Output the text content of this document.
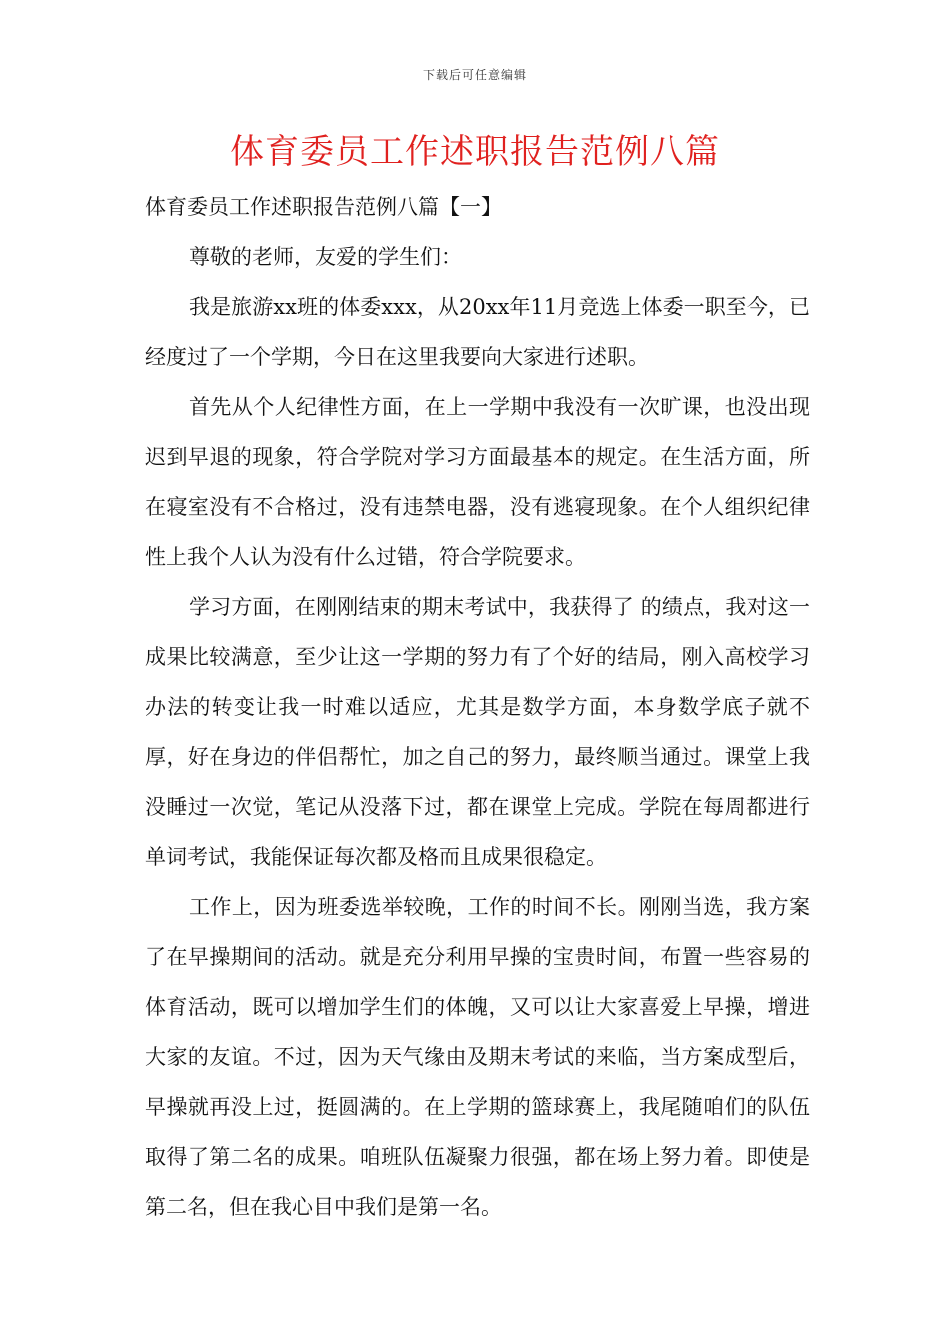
下载后可任意编辑
体育委员工作述职报告范例八篇

体育委员工作述职报告范例八篇【一】

尊敬的老师，友爱的学生们：

我是旅游xx班的体委xxx，从20xx年11月竞选上体委一职至今，已经度过了一个学期，今日在这里我要向大家进行述职。

首先从个人纪律性方面，在上一学期中我没有一次旷课，也没出现迟到早退的现象，符合学院对学习方面最基本的规定。在生活方面，所在寝室没有不合格过，没有违禁电器，没有逃寝现象。在个人组织纪律性上我个人认为没有什么过错，符合学院要求。

学习方面，在刚刚结束的期末考试中，我获得了 的绩点，我对这一成果比较满意，至少让这一学期的努力有了个好的结局，刚入高校学习办法的转变让我一时难以适应，尤其是数学方面，本身数学底子就不厚，好在身边的伴侣帮忙，加之自己的努力，最终顺当通过。课堂上我没睡过一次觉，笔记从没落下过，都在课堂上完成。学院在每周都进行单词考试，我能保证每次都及格而且成果很稳定。

工作上，因为班委选举较晚，工作的时间不长。刚刚当选，我方案了在早操期间的活动。就是充分利用早操的宝贵时间，布置一些容易的体育活动，既可以增加学生们的体魄，又可以让大家喜爱上早操，增进大家的友谊。不过，因为天气缘由及期末考试的来临，当方案成型后，早操就再没上过，挺圆满的。在上学期的篮球赛上，我尾随咱们的队伍取得了第二名的成果。咱班队伍凝聚力很强，都在场上努力着。即使是第二名，但在我心目中我们是第一名。
